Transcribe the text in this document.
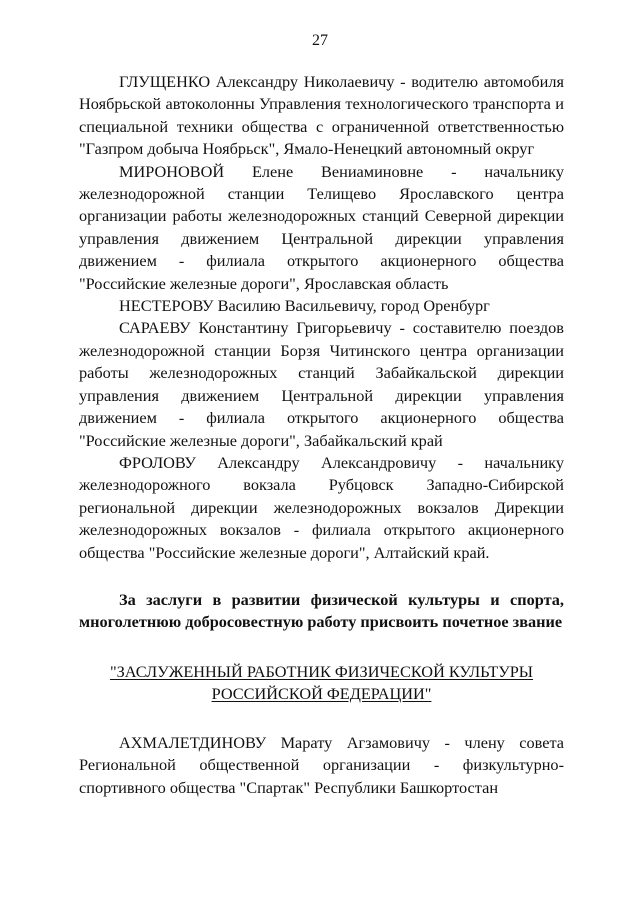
27

ГЛУЩЕНКО Александру Николаевичу - водителю автомобиля Ноябрьской автоколонны Управления технологического транспорта и специальной техники общества с ограниченной ответственностью "Газпром добыча Ноябрьск", Ямало-Ненецкий автономный округ

МИРОНОВОЙ Елене Вениаминовне - начальнику железнодорожной станции Телищево Ярославского центра организации работы железнодорожных станций Северной дирекции управления движением Центральной дирекции управления движением - филиала открытого акционерного общества "Российские железные дороги", Ярославская область

НЕСТЕРОВУ Василию Васильевичу, город Оренбург

САРАЕВУ Константину Григорьевичу - составителю поездов железнодорожной станции Борзя Читинского центра организации работы железнодорожных станций Забайкальской дирекции управления движением Центральной дирекции управления движением - филиала открытого акционерного общества "Российские железные дороги", Забайкальский край

ФРОЛОВУ Александру Александровичу - начальнику железнодорожного вокзала Рубцовск Западно-Сибирской региональной дирекции железнодорожных вокзалов Дирекции железнодорожных вокзалов - филиала открытого акционерного общества "Российские железные дороги", Алтайский край.

За заслуги в развитии физической культуры и спорта, многолетнюю добросовестную работу присвоить почетное звание

"ЗАСЛУЖЕННЫЙ РАБОТНИК ФИЗИЧЕСКОЙ КУЛЬТУРЫ
РОССИЙСКОЙ ФЕДЕРАЦИИ"

АХМАЛЕТДИНОВУ Марату Агзамовичу - члену совета Региональной общественной организации - физкультурно-спортивного общества "Спартак" Республики Башкортостан
